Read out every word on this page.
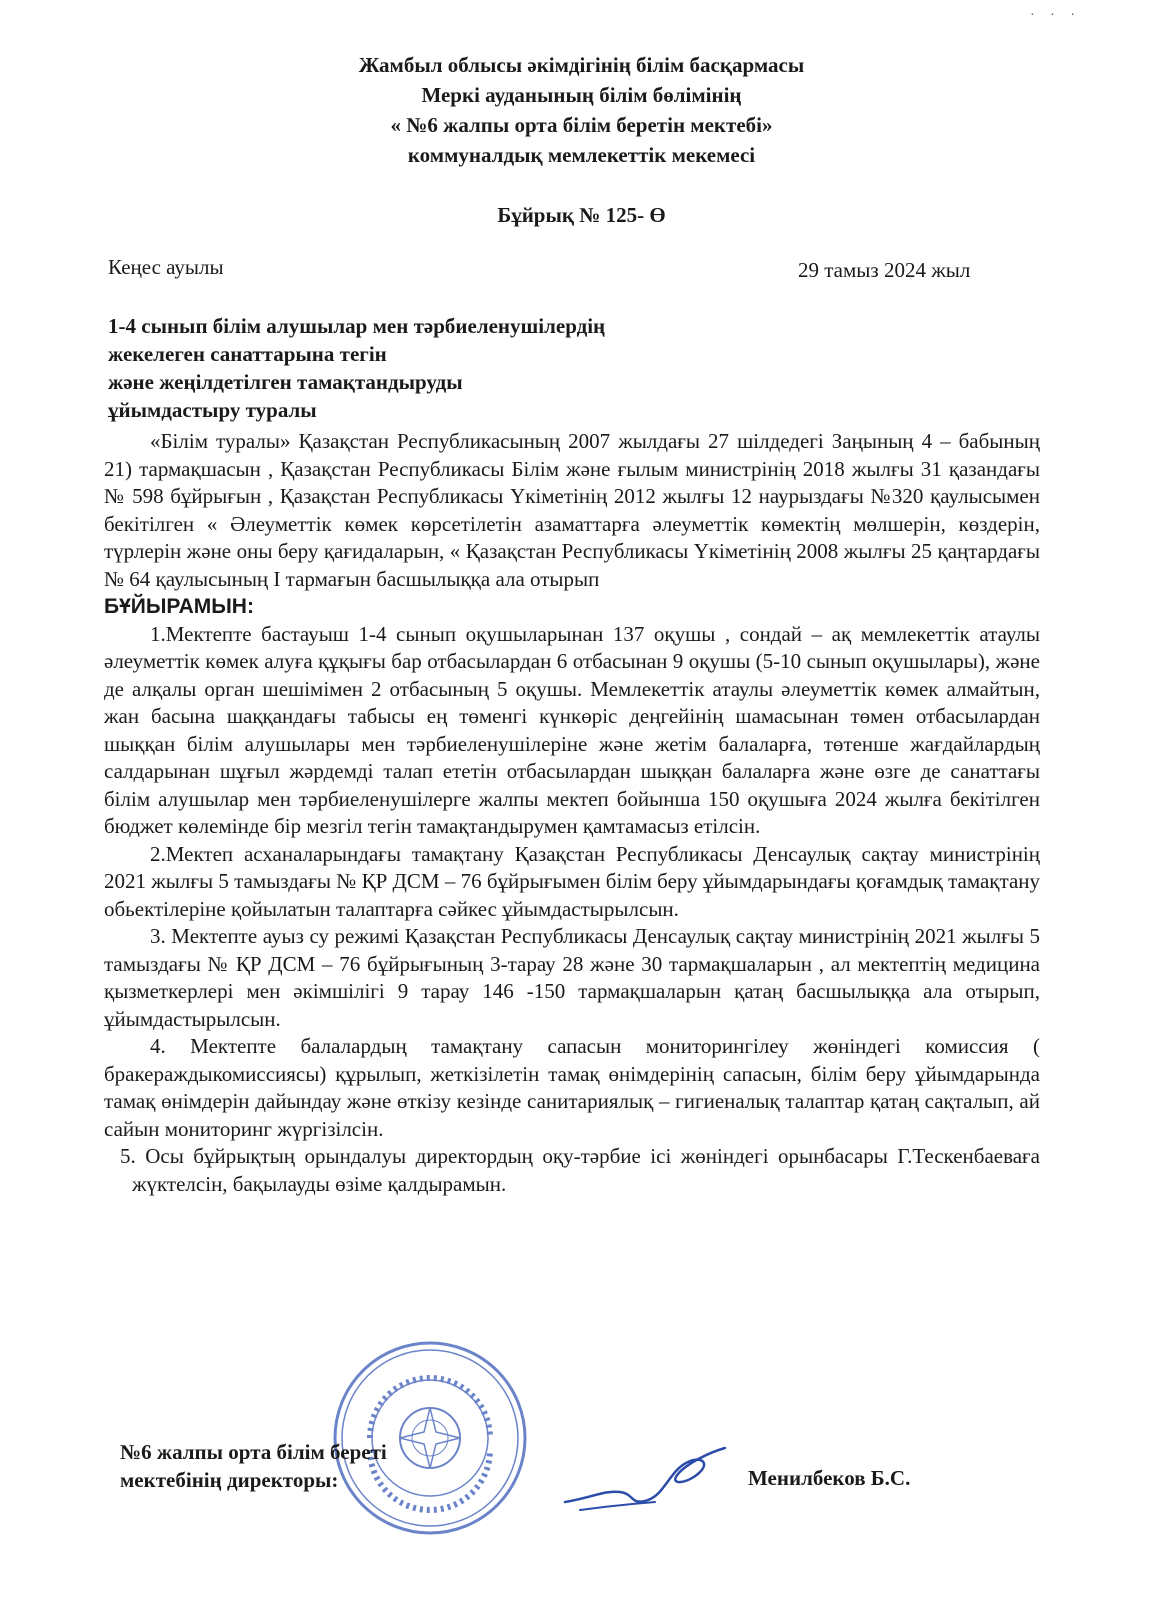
· · ·
Жамбыл облысы әкімдігінің білім басқармасы
Меркі ауданының білім бөлімінің
« №6 жалпы орта білім беретін мектебі»
коммуналдық мемлекеттік мекемесі
Бұйрық № 125- Ө
Кеңес ауылы	29 тамыз 2024 жыл
1-4 сынып білім алушылар мен тәрбиеленушілердің
жекелеген санаттарына тегін
және жеңілдетілген тамақтандыруды
ұйымдастыру туралы

«Білім туралы» Қазақстан Республикасының 2007 жылдағы 27 шілдедегі Заңының 4 – бабының 21) тармақшасын , Қазақстан Республикасы Білім және ғылым министрінің 2018 жылғы 31 қазандағы № 598 бұйрығын , Қазақстан Республикасы Үкіметінің 2012 жылғы 12 наурыздағы №320 қаулысымен бекітілген « Әлеуметтік көмек көрсетілетін азаматтарға әлеуметтік көмектің мөлшерін, көздерін, түрлерін және оны беру қағидаларын, « Қазақстан Республикасы Үкіметінің 2008 жылғы 25 қаңтардағы № 64 қаулысының І тармағын басшылыққа ала отырып

БҰЙЫРАМЫН:

1.Мектепте бастауыш 1-4 сынып оқушыларынан 137 оқушы , сондай – ақ мемлекеттік атаулы әлеуметтік көмек алуға құқығы бар отбасылардан 6 отбасынан 9 оқушы (5-10 сынып оқушылары), және де алқалы орган шешімімен 2 отбасының 5 оқушы. Мемлекеттік атаулы әлеуметтік көмек алмайтын, жан басына шаққандағы табысы ең төменгі күнкөріс деңгейінің шамасынан төмен отбасылардан шыққан білім алушылары мен тәрбиеленушілеріне және жетім балаларға, төтенше жағдайлардың салдарынан шұғыл жәрдемді талап ететін отбасылардан шыққан балаларға және өзге де санаттағы білім алушылар мен тәрбиеленушілерге жалпы мектеп бойынша 150 оқушыға 2024 жылға бекітілген бюджет көлемінде бір мезгіл тегін тамақтандырумен қамтамасыз етілсін.

2.Мектеп асханаларындағы тамақтану Қазақстан Республикасы Денсаулық сақтау министрінің 2021 жылғы 5 тамыздағы № ҚР ДСМ – 76 бұйрығымен білім беру ұйымдарындағы қоғамдық тамақтану обьектілеріне қойылатын талаптарға сәйкес ұйымдастырылсын.

3. Мектепте ауыз су режимі Қазақстан Республикасы Денсаулық сақтау министрінің 2021 жылғы 5 тамыздағы № ҚР ДСМ – 76 бұйрығының 3-тарау 28 және 30 тармақшаларын , ал мектептің медицина қызметкерлері мен әкімшілігі 9 тарау 146 -150 тармақшаларын қатаң басшылыққа ала отырып, ұйымдастырылсын.

4. Мектепте балалардың тамақтану сапасын мониторингілеу жөніндегі комиссия ( бракераждыкомиссиясы) құрылып, жеткізілетін тамақ өнімдерінің сапасын, білім беру ұйымдарында тамақ өнімдерін дайындау және өткізу кезінде санитариялық – гигиеналық талаптар қатаң сақталып, ай сайын мониторинг жүргізілсін.

5. Осы бұйрықтың орындалуы директордың оқу-тәрбие ісі жөніндегі орынбасары Г.Тескенбаеваға жүктелсін, бақылауды өзіме қалдырамын.

№6 жалпы орта білім береті
мектебінің директоры:	Менилбеков Б.С.
